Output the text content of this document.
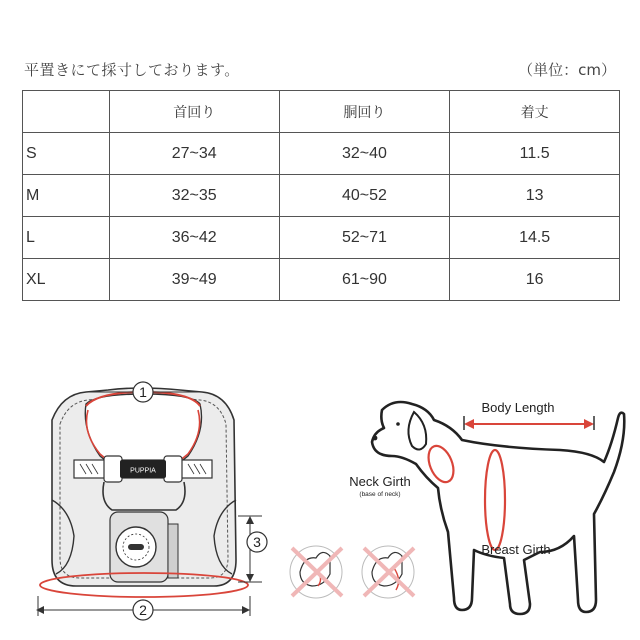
平置きにて採寸しております。	（単位：cm）
	首回り	胴回り	着丈
S	27~34	32~40	11.5
M	32~35	40~52	13
L	36~42	52~71	14.5
XL	39~49	61~90	16
PUPPIA
1
2
3
Body Length
Neck Girth
(base of neck)
Breast Girth
